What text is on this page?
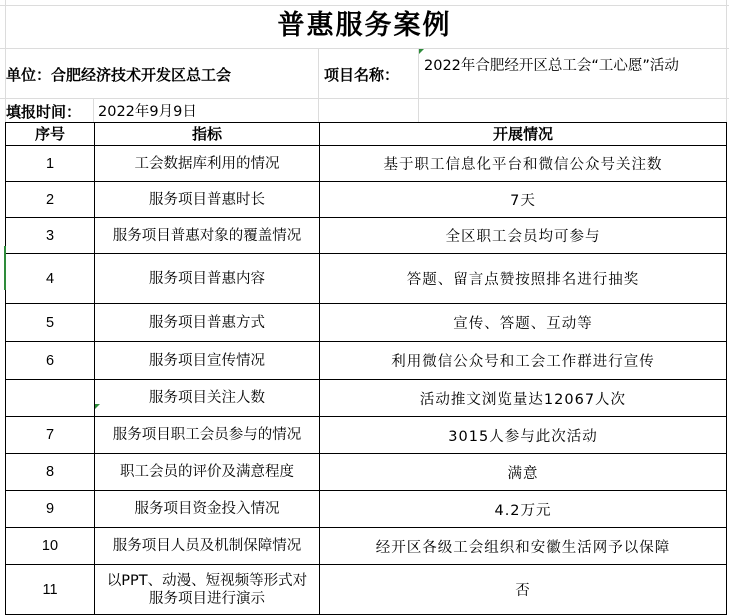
普惠服务案例
单位：合肥经济技术开发区总工会	项目名称： 2022年合肥经开区总工会“工心愿”活动
填报时间： 2022年9月9日
序号	指标	开展情况
1	工会数据库利用的情况	基于职工信息化平台和微信公众号关注数
2	服务项目普惠时长	7天
3	服务项目普惠对象的覆盖情况	全区职工会员均可参与
4	服务项目普惠内容	答题、留言点赞按照排名进行抽奖
5	服务项目普惠方式	宣传、答题、互动等
6	服务项目宣传情况	利用微信公众号和工会工作群进行宣传
	服务项目关注人数	活动推文浏览量达12067人次
7	服务项目职工会员参与的情况	3015人参与此次活动
8	职工会员的评价及满意程度	满意
9	服务项目资金投入情况	4.2万元
10	服务项目人员及机制保障情况	经开区各级工会组织和安徽生活网予以保障
11	以PPT、动漫、短视频等形式对服务项目进行演示	否
